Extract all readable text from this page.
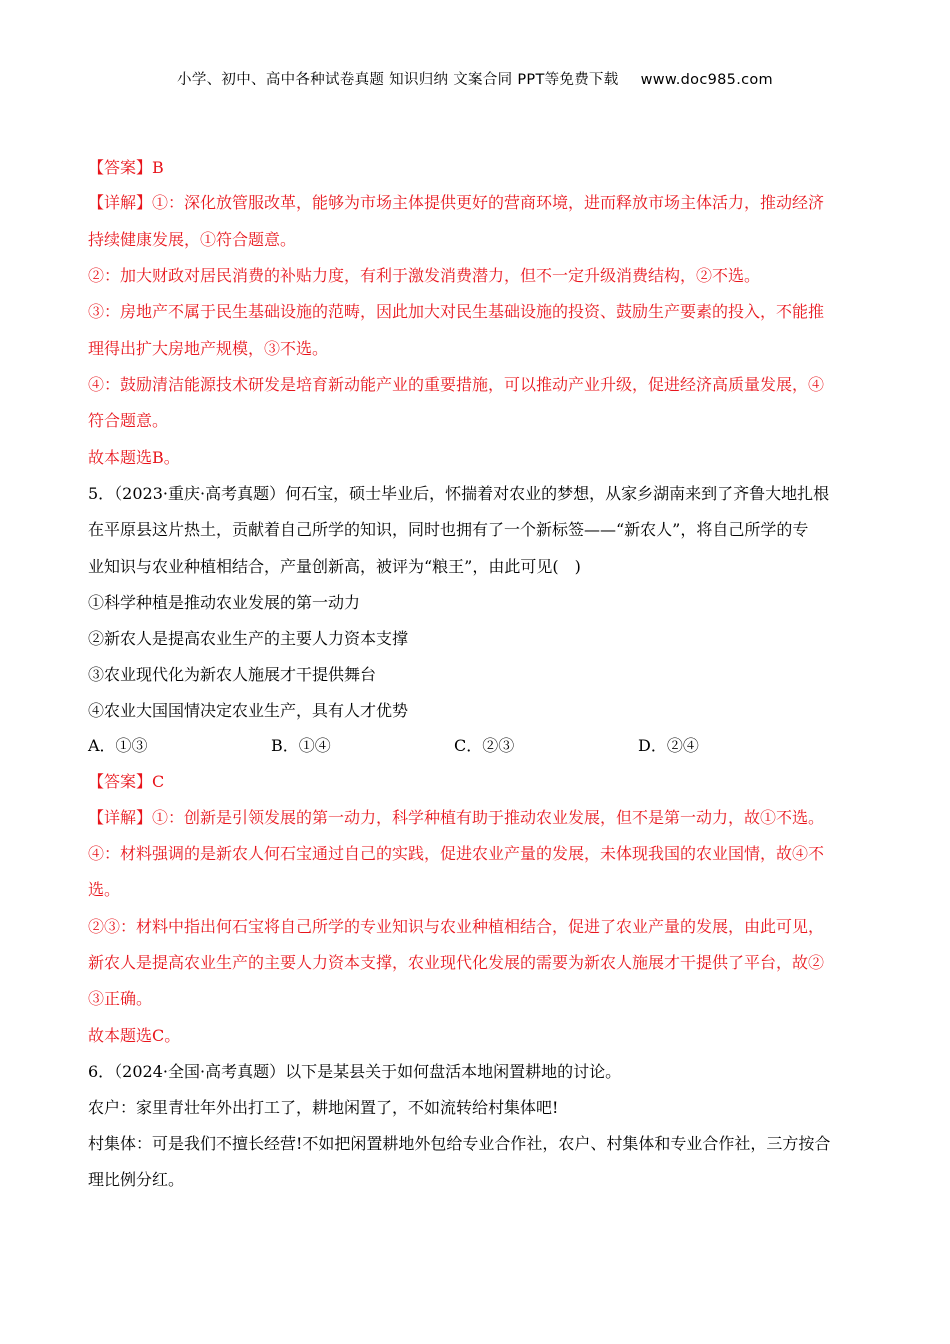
小学、初中、高中各种试卷真题 知识归纳 文案合同 PPT等免费下载 www.doc985.com
【答案】B
【详解】①：深化放管服改革，能够为市场主体提供更好的营商环境，进而释放市场主体活力，推动经济
持续健康发展，①符合题意。
②：加大财政对居民消费的补贴力度，有利于激发消费潜力，但不一定升级消费结构，②不选。
③：房地产不属于民生基础设施的范畴，因此加大对民生基础设施的投资、鼓励生产要素的投入，不能推
理得出扩大房地产规模，③不选。
④：鼓励清洁能源技术研发是培育新动能产业的重要措施，可以推动产业升级，促进经济高质量发展，④
符合题意。
故本题选B。
5．（2023·重庆·高考真题）何石宝，硕士毕业后，怀揣着对农业的梦想，从家乡湖南来到了齐鲁大地扎根
在平原县这片热土，贡献着自己所学的知识，同时也拥有了一个新标签——“新农人”，将自己所学的专
业知识与农业种植相结合，产量创新高，被评为“粮王”，由此可见(　)
①科学种植是推动农业发展的第一动力
②新农人是提高农业生产的主要人力资本支撑
③农业现代化为新农人施展才干提供舞台
④农业大国国情决定农业生产，具有人才优势
A．①③	B．①④	C．②③	D．②④
【答案】C
【详解】①：创新是引领发展的第一动力，科学种植有助于推动农业发展，但不是第一动力，故①不选。
④：材料强调的是新农人何石宝通过自己的实践，促进农业产量的发展，未体现我国的农业国情，故④不
选。
②③：材料中指出何石宝将自己所学的专业知识与农业种植相结合，促进了农业产量的发展，由此可见，
新农人是提高农业生产的主要人力资本支撑，农业现代化发展的需要为新农人施展才干提供了平台，故②
③正确。
故本题选C。
6．（2024·全国·高考真题）以下是某县关于如何盘活本地闲置耕地的讨论。
农户：家里青壮年外出打工了，耕地闲置了，不如流转给村集体吧!
村集体：可是我们不擅长经营!不如把闲置耕地外包给专业合作社，农户、村集体和专业合作社，三方按合
理比例分红。
